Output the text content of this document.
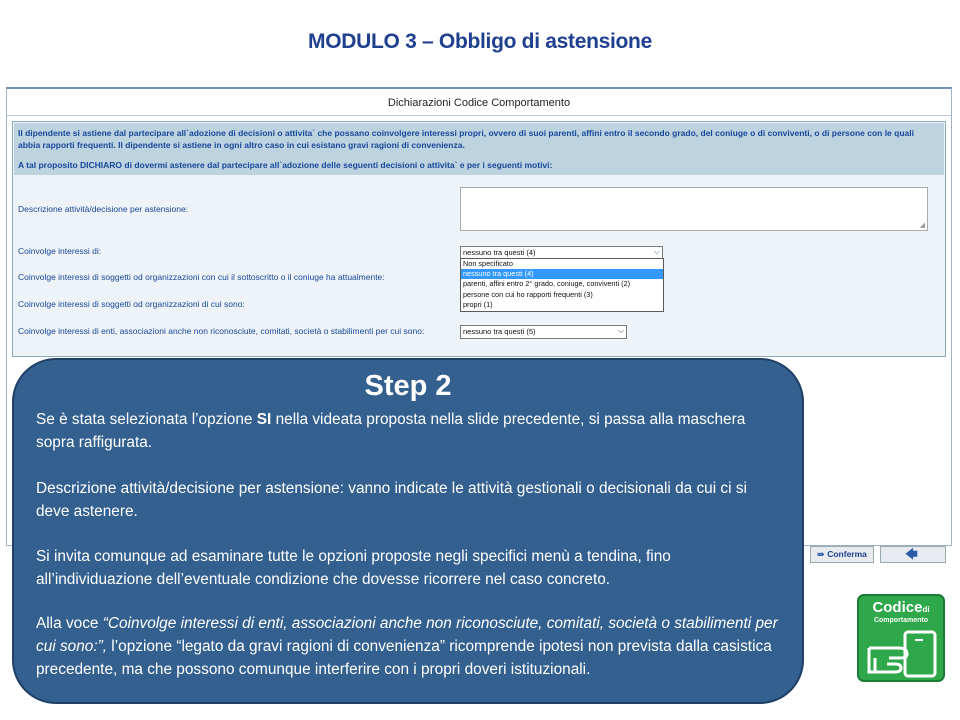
MODULO 3 – Obbligo di astensione
Dichiarazioni Codice Comportamento
Il dipendente si astiene dal partecipare all`adozione di decisioni o attivita` che possano coinvolgere interessi propri, ovvero di suoi parenti, affini entro il secondo grado, del coniuge o di conviventi, o di persone con le quali abbia rapporti frequenti. Il dipendente si astiene in ogni altro caso in cui esistano gravi ragioni di convenienza.
A tal proposito DICHIARO di dovermi astenere dal partecipare all`adozione delle seguenti decisioni o attivita` e per i seguenti motivi:
Descrizione attività/decisione per astensione:
◢
Coinvolge interessi di:	nessuno tra questi (4)	⌵
Non specificato
nessuno tra questi (4)
parenti, affini entro 2° grado, coniuge, conviventi (2)
persone con cui ho rapporti frequenti (3)
propri (1)
Coinvolge interessi di soggetti od organizzazioni con cui il sottoscritto o il coniuge ha attualmente:
Coinvolge interessi di soggetti od organizzazioni di cui sono:
Coinvolge interessi di enti, associazioni anche non riconosciute, comitati, società o stabilimenti per cui sono:	nessuno tra questi (5)	⌵
⇛ Conferma	🡄
Step 2

Se è stata selezionata l’opzione SI nella videata proposta nella slide precedente, si passa alla maschera sopra raffigurata.

Descrizione attività/decisione per astensione: vanno indicate le attività gestionali o decisionali da cui ci si deve astenere.

Si invita comunque ad esaminare tutte le opzioni proposte negli specifici menù a tendina, fino all’individuazione dell’eventuale condizione che dovesse ricorrere nel caso concreto.

Alla voce “Coinvolge interessi di enti, associazioni anche non riconosciute, comitati, società o stabilimenti per cui sono:”, l’opzione “legato da gravi ragioni di convenienza” ricomprende ipotesi non prevista dalla casistica precedente, ma che possono comunque interferire con i propri doveri istituzionali.

Codicedi
Comportamento
